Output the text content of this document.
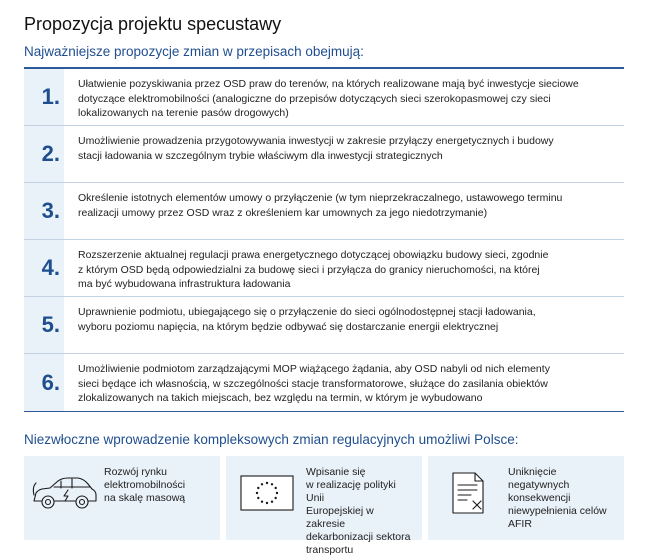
Propozycja projektu specustawy
Najważniejsze propozycje zmian w przepisach obejmują:
1. Ułatwienie pozyskiwania przez OSD praw do terenów, na których realizowane mają być inwestycje sieciowe

dotyczące elektromobilności (analogiczne do przepisów dotyczących sieci szerokopasmowej czy sieci

lokalizowanych na terenie pasów drogowych)

2. Umożliwienie prowadzenia przygotowywania inwestycji w zakresie przyłączy energetycznych i budowy

stacji ładowania w szczególnym trybie właściwym dla inwestycji strategicznych

3. Określenie istotnych elementów umowy o przyłączenie (w tym nieprzekraczalnego, ustawowego terminu

realizacji umowy przez OSD wraz z określeniem kar umownych za jego niedotrzymanie)

4. Rozszerzenie aktualnej regulacji prawa energetycznego dotyczącej obowiązku budowy sieci, zgodnie

z którym OSD będą odpowiedzialni za budowę sieci i przyłącza do granicy nieruchomości, na której

ma być wybudowana infrastruktura ładowania

5. Uprawnienie podmiotu, ubiegającego się o przyłączenie do sieci ogólnodostępnej stacji ładowania,

wyboru poziomu napięcia, na którym będzie odbywać się dostarczanie energii elektrycznej

6.

Umożliwienie podmiotom zarządzającymi MOP wiążącego żądania, aby OSD nabyli od nich elementy

sieci będące ich własnością, w szczególności stacje transformatorowe, służące do zasilania obiektów

zlokalizowanych na takich miejscach, bez względu na termin, w którym je wybudowano

Niezwłoczne wprowadzenie kompleksowych zmian regulacyjnych umożliwi Polsce:

Rozwój rynku

elektromobilności

na skalę masową

Wpisanie się

w realizację polityki Unii

Europejskiej w zakresie

dekarbonizacji sektora

transportu

Uniknięcie negatywnych

konsekwencji

niewypełnienia celów

AFIR
